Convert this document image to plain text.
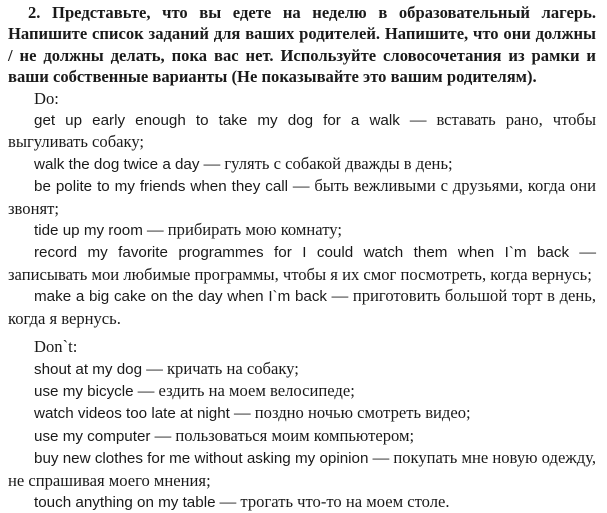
2. Представьте, что вы едете на неделю в образовательный лагерь. Напишите список заданий для ваших родителей. Напишите, что они должны / не должны делать, пока вас нет. Используйте словосочетания из рамки и ваши собственные варианты (Не показывайте это вашим родителям).

Do:

get up early enough to take my dog for a walk — вставать рано, чтобы выгуливать собаку;

walk the dog twice a day — гулять с собакой дважды в день;

be polite to my friends when they call — быть вежливыми с друзьями, когда они звонят;

tide up my room — прибирать мою комнату;

record my favorite programmes for I could watch them when I`m back — записывать мои любимые программы, чтобы я их смог посмотреть, когда вернусь;

make a big cake on the day when I`m back — приготовить большой торт в день, когда я вернусь.

Don`t:

shout at my dog — кричать на собаку;

use my bicycle — ездить на моем велосипеде;

watch videos too late at night — поздно ночью смотреть видео;

use my computer — пользоваться моим компьютером;

buy new clothes for me without asking my opinion — покупать мне новую одежду, не спрашивая моего мнения;

touch anything on my table — трогать что-то на моем столе.
